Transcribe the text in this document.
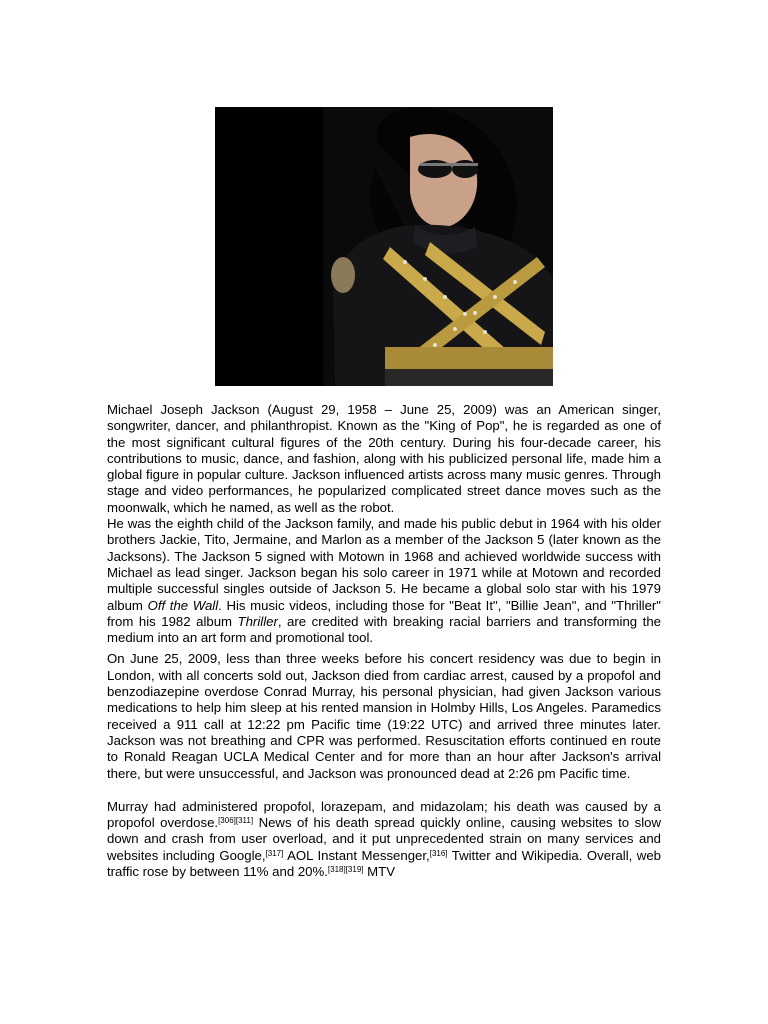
Michael Joseph Jackson (August 29, 1958 – June 25, 2009) was an American singer, songwriter, dancer, and philanthropist. Known as the "King of Pop", he is regarded as one of the most significant cultural figures of the 20th century. During his four-decade career, his contributions to music, dance, and fashion, along with his publicized personal life, made him a global figure in popular culture. Jackson influenced artists across many music genres. Through stage and video performances, he popularized complicated street dance moves such as the moonwalk, which he named, as well as the robot.

He was the eighth child of the Jackson family, and made his public debut in 1964 with his older brothers Jackie, Tito, Jermaine, and Marlon as a member of the Jackson 5 (later known as the Jacksons). The Jackson 5 signed with Motown in 1968 and achieved worldwide success with Michael as lead singer. Jackson began his solo career in 1971 while at Motown and recorded multiple successful singles outside of Jackson 5. He became a global solo star with his 1979 album Off the Wall. His music videos, including those for "Beat It", "Billie Jean", and "Thriller" from his 1982 album Thriller, are credited with breaking racial barriers and transforming the medium into an art form and promotional tool.

On June 25, 2009, less than three weeks before his concert residency was due to begin in London, with all concerts sold out, Jackson died from cardiac arrest, caused by a propofol and benzodiazepine overdose Conrad Murray, his personal physician, had given Jackson various medications to help him sleep at his rented mansion in Holmby Hills, Los Angeles. Paramedics received a 911 call at 12:22 pm Pacific time (19:22 UTC) and arrived three minutes later. Jackson was not breathing and CPR was performed. Resuscitation efforts continued en route to Ronald Reagan UCLA Medical Center and for more than an hour after Jackson's arrival there, but were unsuccessful, and Jackson was pronounced dead at 2:26 pm Pacific time.

Murray had administered propofol, lorazepam, and midazolam; his death was caused by a propofol overdose.[306][311] News of his death spread quickly online, causing websites to slow down and crash from user overload, and it put unprecedented strain on many services and websites including Google,[317] AOL Instant Messenger,[316] Twitter and Wikipedia. Overall, web traffic rose by between 11% and 20%.[318][319] MTV
